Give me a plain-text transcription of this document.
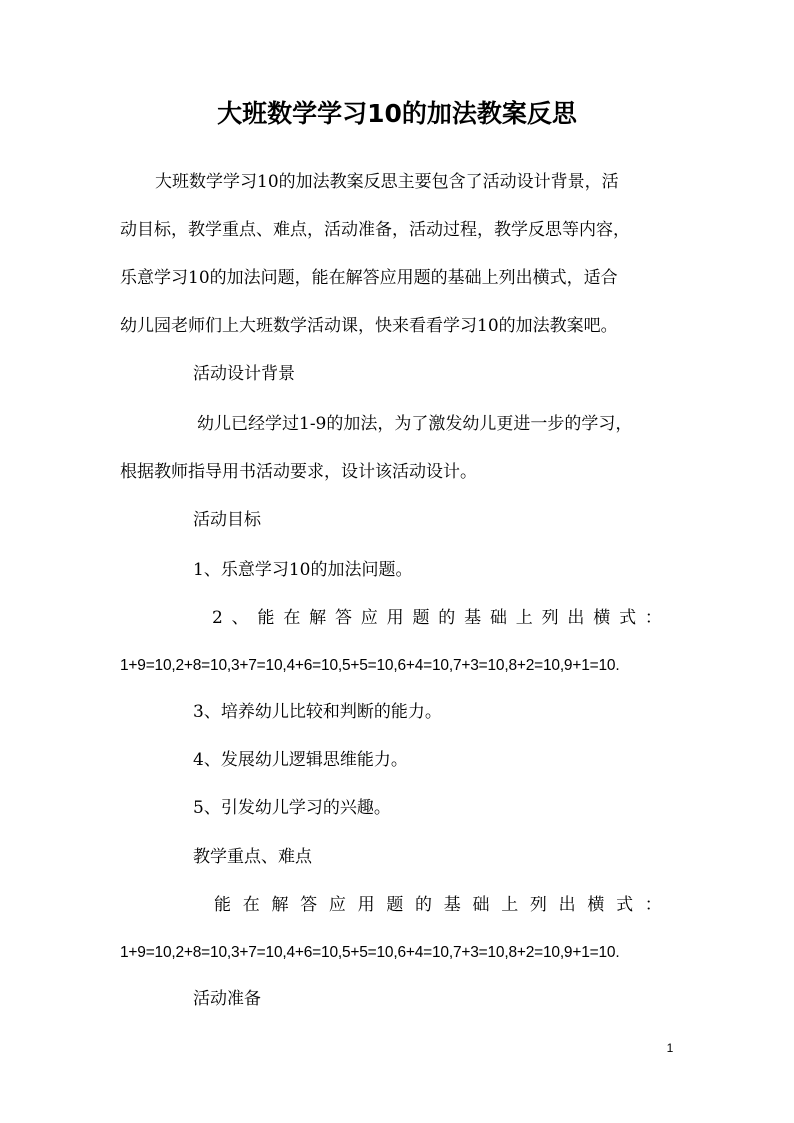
大班数学学习10的加法教案反思
大班数学学习10的加法教案反思主要包含了活动设计背景，活
动目标，教学重点、难点，活动准备，活动过程，教学反思等内容，
乐意学习10的加法问题，能在解答应用题的基础上列出横式，适合
幼儿园老师们上大班数学活动课，快来看看学习10的加法教案吧。
活动设计背景
幼儿已经学过1-9的加法，为了激发幼儿更进一步的学习，
根据教师指导用书活动要求，设计该活动设计。
活动目标
1、乐意学习10的加法问题。
2 、 能 在 解 答 应 用 题 的 基 础 上 列 出 横 式 ：
1+9=10,2+8=10,3+7=10,4+6=10,5+5=10,6+4=10,7+3=10,8+2=10,9+1=10.
3、培养幼儿比较和判断的能力。
4、发展幼儿逻辑思维能力。
5、引发幼儿学习的兴趣。
教学重点、难点
能 在 解 答 应 用 题 的 基 础 上 列 出 横 式 ：
1+9=10,2+8=10,3+7=10,4+6=10,5+5=10,6+4=10,7+3=10,8+2=10,9+1=10.
活动准备
1
